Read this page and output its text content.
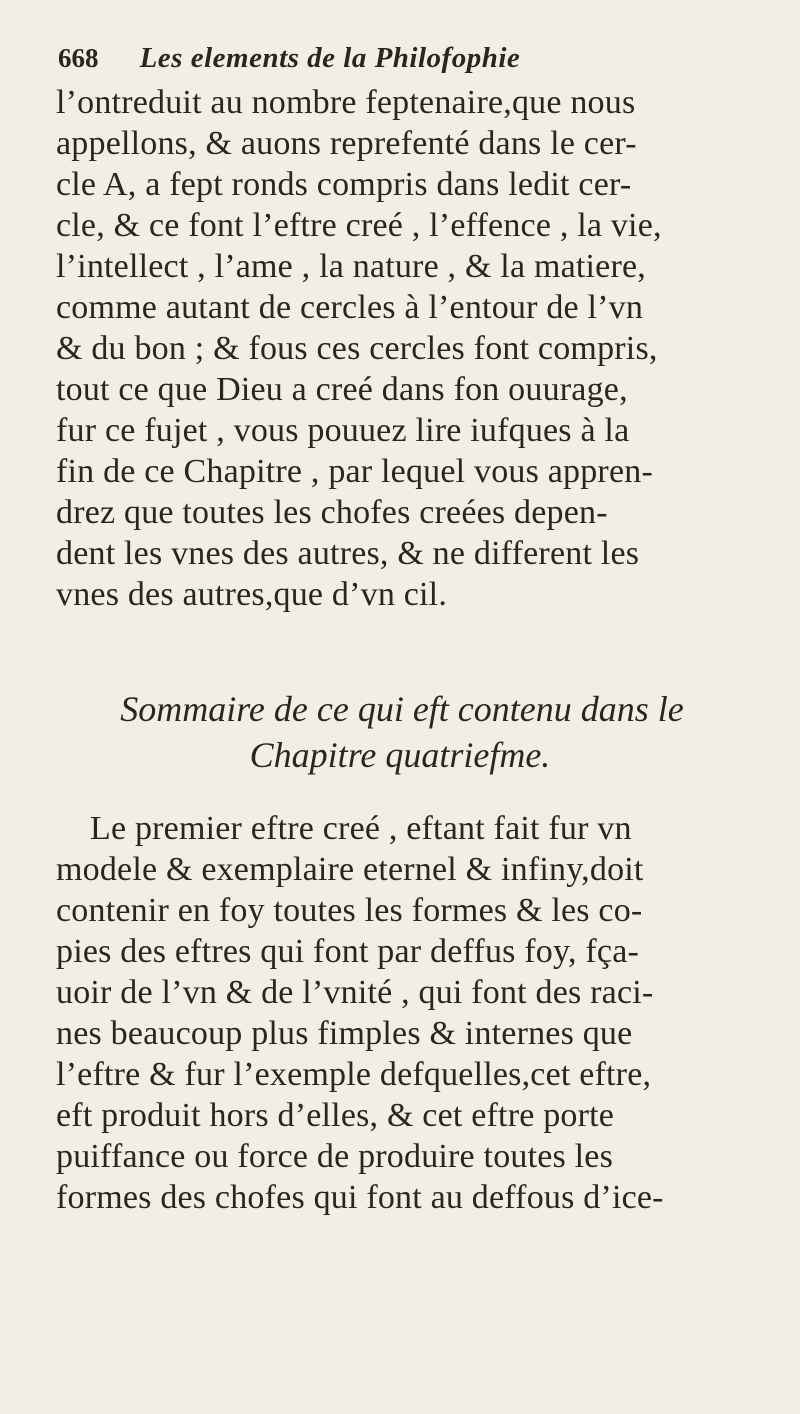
668 Les elements de la Philofophie
l’ontreduit au nombre feptenaire,que nous
appellons, & auons reprefenté dans le cer-
cle A, a fept ronds compris dans ledit cer-
cle, & ce font l’eftre creé , l’effence , la vie,
l’intellect , l’ame , la nature , & la matiere,
comme autant de cercles à l’entour de l’vn
& du bon ; & fous ces cercles font compris,
tout ce que Dieu a creé dans fon ouurage,
fur ce fujet , vous pouuez lire iufques à la
fin de ce Chapitre , par lequel vous appren-
drez que toutes les chofes creées depen-
dent les vnes des autres, & ne different les
vnes des autres,que d’vn cil.
Sommaire de ce qui eft contenu dans le
Chapitre quatriefme.
Le premier eftre creé , eftant fait fur vn
modele & exemplaire eternel & infiny,doit
contenir en foy toutes les formes & les co-
pies des eftres qui font par deffus foy, fça-
uoir de l’vn & de l’vnité , qui font des raci-
nes beaucoup plus fimples & internes que
l’eftre & fur l’exemple defquelles,cet eftre,
eft produit hors d’elles, & cet eftre porte
puiffance ou force de produire toutes les
formes des chofes qui font au deffous d’ice-
